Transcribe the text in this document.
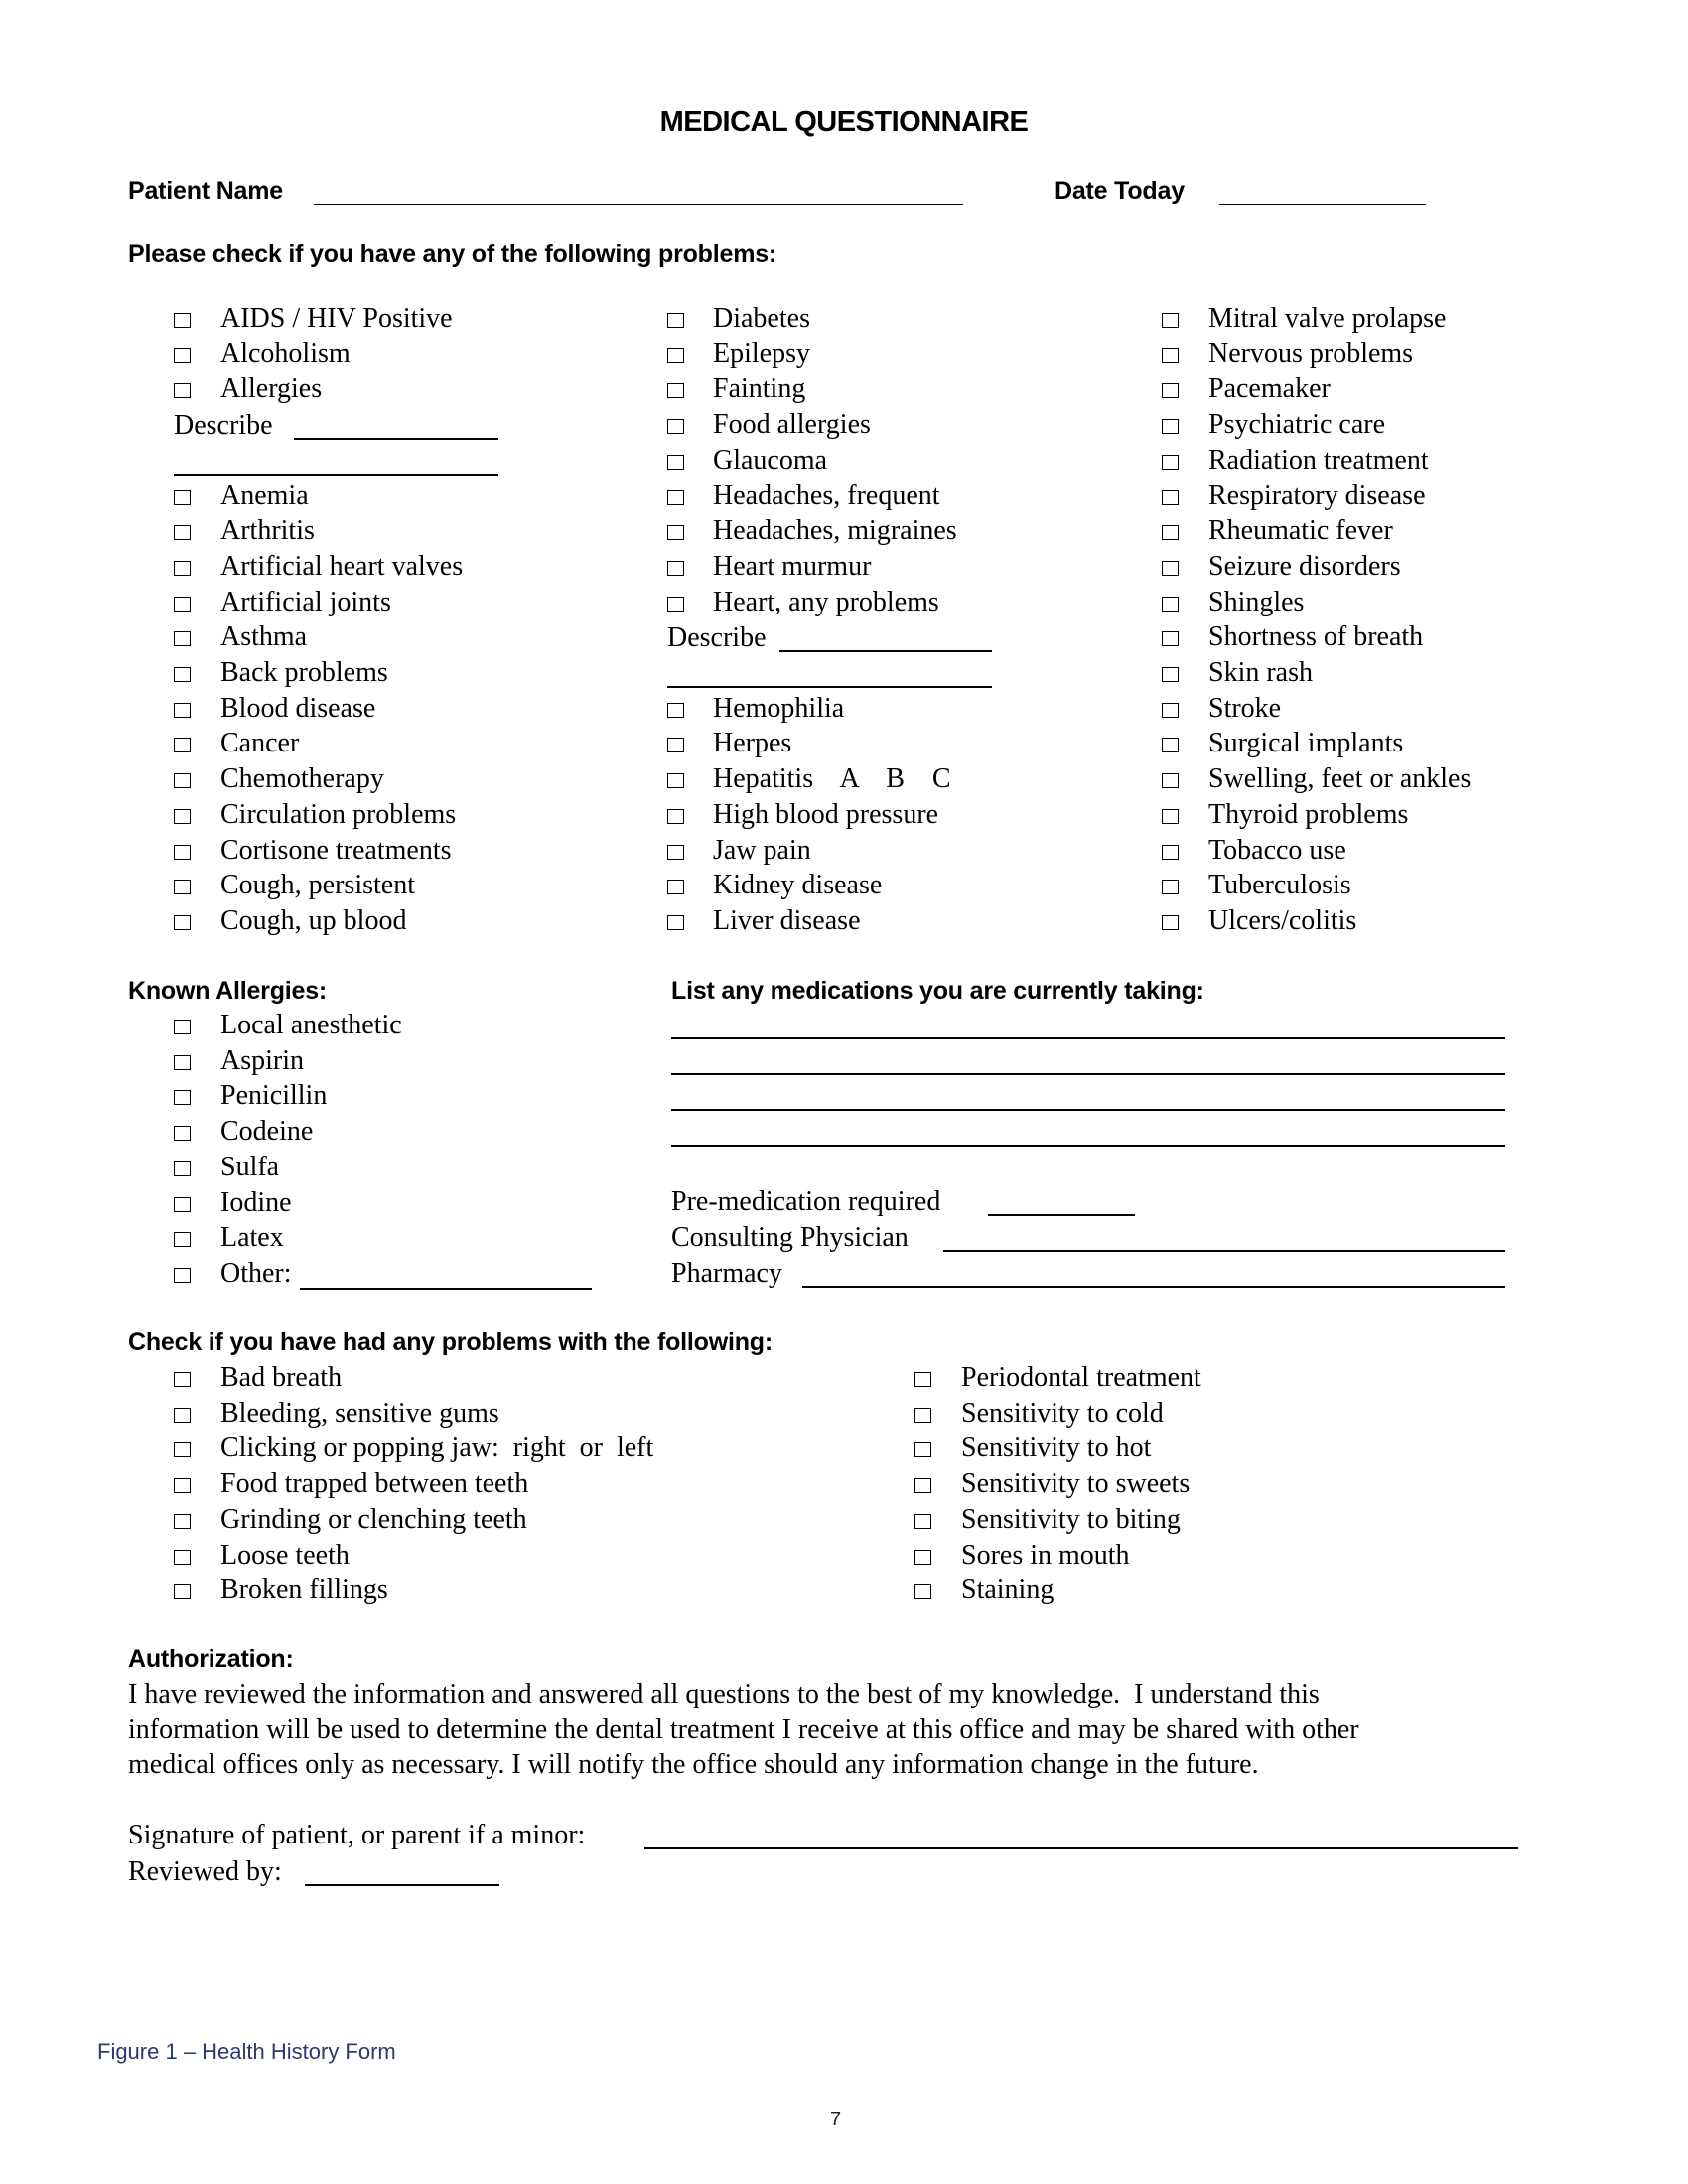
MEDICAL QUESTIONNAIRE
Patient Name	Date Today
Please check if you have any of the following problems:
AIDS / HIV Positive
Alcoholism
Allergies
Anemia
Arthritis
Artificial heart valves
Artificial joints
Asthma
Back problems
Blood disease
Cancer
Chemotherapy
Circulation problems
Cortisone treatments
Cough, persistent
Cough, up blood
Diabetes
Epilepsy
Fainting
Food allergies
Glaucoma
Headaches, frequent
Headaches, migraines
Heart murmur
Heart, any problems
Hemophilia
Herpes
Hepatitis    A    B    C
High blood pressure
Jaw pain
Kidney disease
Liver disease
Mitral valve prolapse
Nervous problems
Pacemaker
Psychiatric care
Radiation treatment
Respiratory disease
Rheumatic fever
Seizure disorders
Shingles
Shortness of breath
Skin rash
Stroke
Surgical implants
Swelling, feet or ankles
Thyroid problems
Tobacco use
Tuberculosis
Ulcers/colitis
Describe
Describe
Known Allergies:
Local anesthetic
Aspirin
Penicillin
Codeine
Sulfa
Iodine
Latex
Other:
List any medications you are currently taking:
Pre-medication required
Consulting Physician
Pharmacy
Check if you have had any problems with the following:
Bad breath
Bleeding, sensitive gums
Clicking or popping jaw:  right  or  left
Food trapped between teeth
Grinding or clenching teeth
Loose teeth
Broken fillings
Periodontal treatment
Sensitivity to cold
Sensitivity to hot
Sensitivity to sweets
Sensitivity to biting
Sores in mouth
Staining
Authorization:
I have reviewed the information and answered all questions to the best of my knowledge.  I understand this
information will be used to determine the dental treatment I receive at this office and may be shared with other
medical offices only as necessary. I will notify the office should any information change in the future.
Signature of patient, or parent if a minor:
Reviewed by:
Figure 1 – Health History Form
7
